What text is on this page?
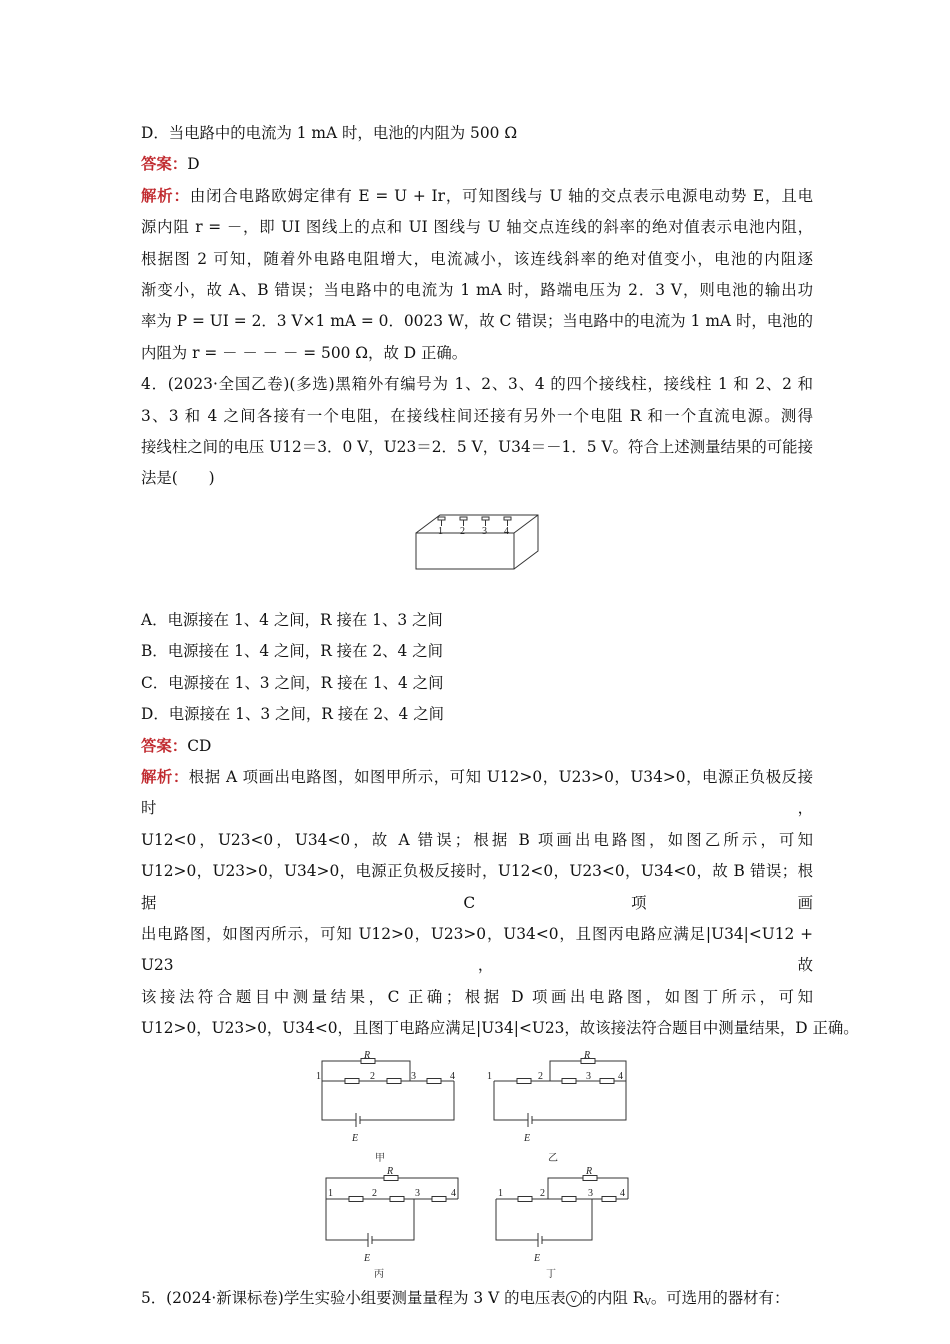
D．当电路中的电流为 1 mA 时，电池的内阻为 500 Ω
答案：D
解析：由闭合电路欧姆定律有 E = U + Ir，可知图线与 U 轴的交点表示电源电动势 E，且电
源内阻 r = －，即 UI 图线上的点和 UI 图线与 U 轴交点连线的斜率的绝对值表示电池内阻，
根据图 2 可知，随着外电路电阻增大，电流减小，该连线斜率的绝对值变小，电池的内阻逐
渐变小，故 A、B 错误；当电路中的电流为 1 mA 时，路端电压为 2．3 V，则电池的输出功
率为 P = UI = 2．3 V×1 mA = 0．0023 W，故 C 错误；当电路中的电流为 1 mA 时，电池的
内阻为 r = － － － － = 500 Ω，故 D 正确。
4．(2023·全国乙卷)(多选)黑箱外有编号为 1、2、3、4 的四个接线柱，接线柱 1 和 2、2 和
3、3 和 4 之间各接有一个电阻，在接线柱间还接有另外一个电阻 R 和一个直流电源。测得
接线柱之间的电压 U12＝3．0 V，U23＝2．5 V，U34＝－1．5 V。符合上述测量结果的可能接
法是(　　)
1 2 3 4
A．电源接在 1、4 之间，R 接在 1、3 之间
B．电源接在 1、4 之间，R 接在 2、4 之间
C．电源接在 1、3 之间，R 接在 1、4 之间
D．电源接在 1、3 之间，R 接在 2、4 之间
答案：CD
解析：根据 A 项画出电路图，如图甲所示，可知 U12>0，U23>0，U34>0，电源正负极反接时，
U12<0，U23<0，U34<0，故 A 错误；根据 B 项画出电路图，如图乙所示，可知
U12>0，U23>0，U34>0，电源正负极反接时，U12<0，U23<0，U34<0，故 B 错误；根据 C 项画
出电路图，如图丙所示，可知 U12>0，U23>0，U34<0，且图丙电路应满足|U34|<U12 + U23，故
该接法符合题目中测量结果，C 正确；根据 D 项画出电路图，如图丁所示，可知
U12>0，U23>0，U34<0，且图丁电路应满足|U34|<U23，故该接法符合题目中测量结果，D 正确。
R
1	2	3	4
E
甲
R
1	2	3	4
E
乙
R
1	2	3	4
E
丙
R
1	2	3	4
E
丁
5．(2024·新课标卷)学生实验小组要测量量程为 3 V 的电压表 V 的内阻 $R_V$。可选用的器材有：
